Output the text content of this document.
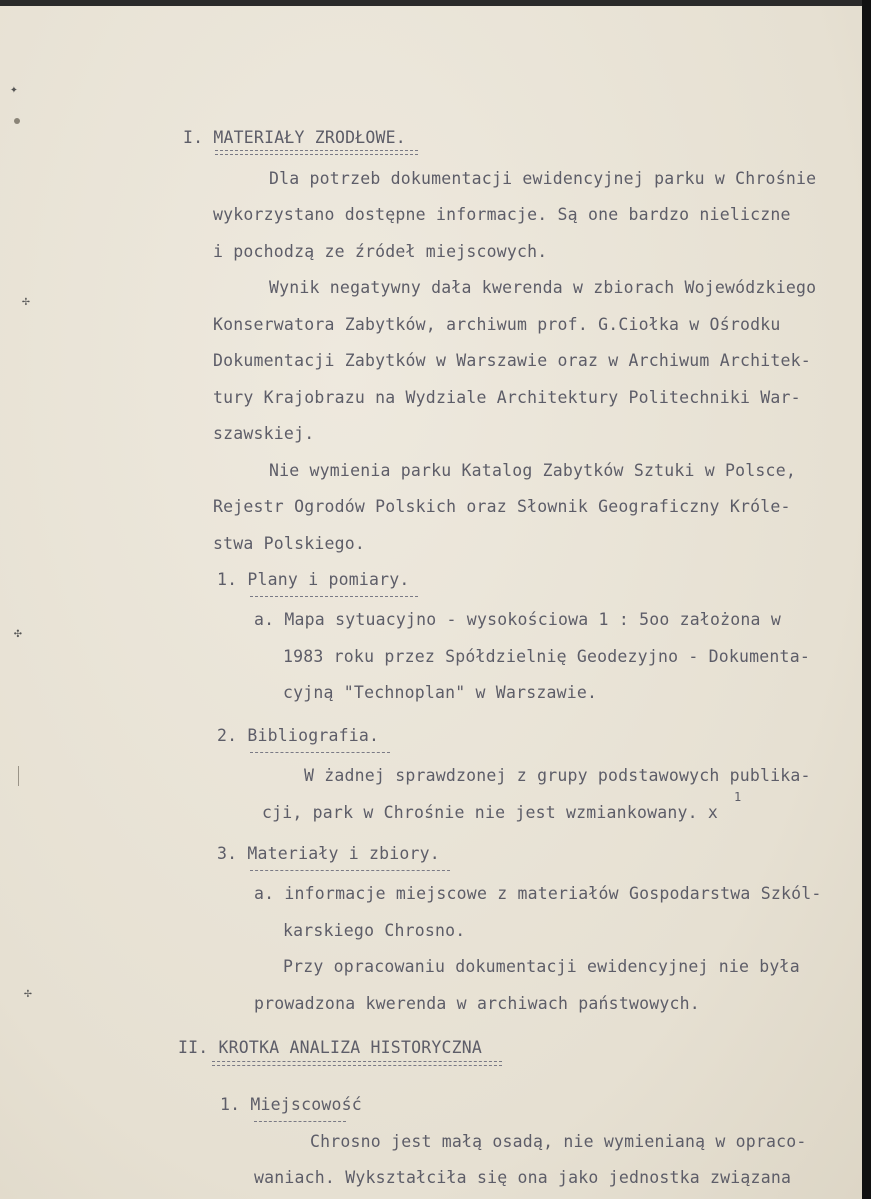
✦
✢
✣
✢
I. MATERIAŁY ZRODŁOWE.
Dla potrzeb dokumentacji ewidencyjnej parku w Chrośnie
wykorzystano dostępne informacje. Są one bardzo nieliczne
i pochodzą ze źródeł miejscowych.
Wynik negatywny dała kwerenda w zbiorach Wojewódzkiego
Konserwatora Zabytków, archiwum prof. G.Ciołka w Ośrodku
Dokumentacji Zabytków w Warszawie oraz w Archiwum Architek-
tury Krajobrazu na Wydziale Architektury Politechniki War-
szawskiej.
Nie wymienia parku Katalog Zabytków Sztuki w Polsce,
Rejestr Ogrodów Polskich oraz Słownik Geograficzny Króle-
stwa Polskiego.
1. Plany i pomiary.
a. Mapa sytuacyjno - wysokościowa 1 : 5oo założona w
1983 roku przez Spółdzielnię Geodezyjno - Dokumenta-
cyjną "Technoplan" w Warszawie.
2. Bibliografia.
W żadnej sprawdzonej z grupy podstawowych publika-
cji, park w Chrośnie nie jest wzmiankowany. x
1
3. Materiały i zbiory.
a. informacje miejscowe z materiałów Gospodarstwa Szkól-
karskiego Chrosno.
Przy opracowaniu dokumentacji ewidencyjnej nie była
prowadzona kwerenda w archiwach państwowych.
II. KROTKA ANALIZA HISTORYCZNA
1. Miejscowość
Chrosno jest małą osadą, nie wymienianą w opraco-
waniach. Wykształciła się ona jako jednostka związana
